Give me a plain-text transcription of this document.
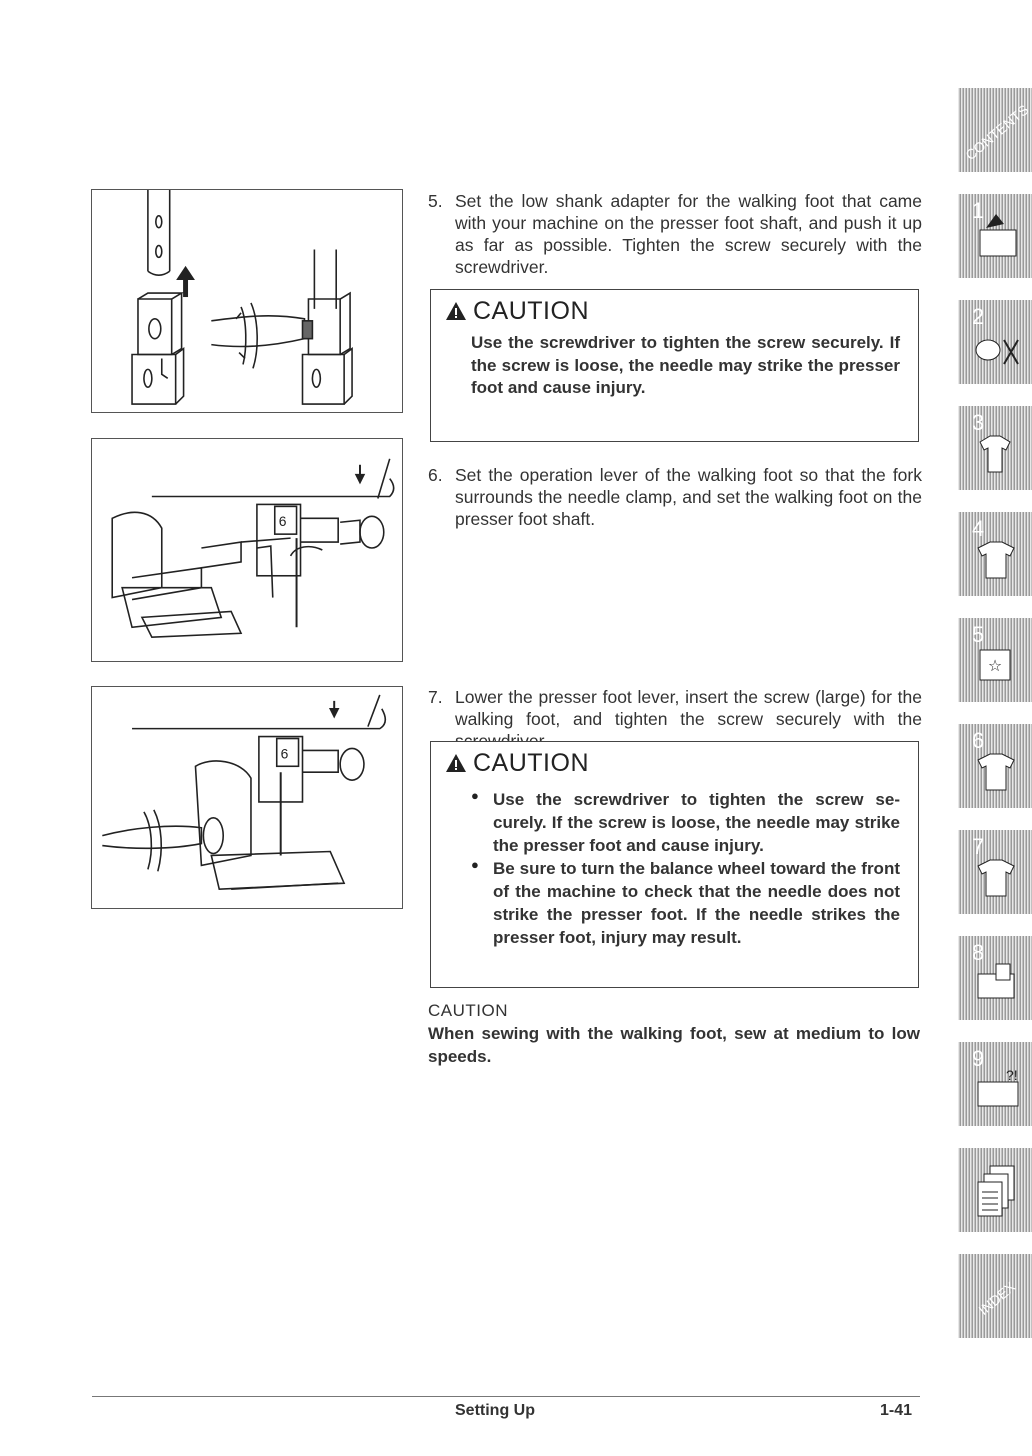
5. Set the low shank adapter for the walking foot that came with your machine on the presser foot shaft, and push it up as far as possible. Tighten the screw securely with the screwdriver.
CAUTION
Use the screwdriver to tighten the screw securely. If the screw is loose, the needle may strike the presser foot and cause injury.
6
6. Set the operation lever of the walking foot so that the fork surrounds the needle clamp, and set the walking foot on the presser foot shaft.
6
7. Lower the presser foot lever, insert the screw (large) for the walking foot, and tighten the screw securely with the
CAUTION
● Use the screwdriver to tighten the screw se-curely. If the screw is loose, the needle may strike the presser foot and cause injury.
● Be sure to turn the balance wheel toward the front of the machine to check that the needle does not strike the presser foot. If the needle strikes the presser foot, injury may result.
CAUTION
When sewing with the walking foot, sew at medium to low speeds.
Setting Up	1-41
CONTENTS
1
2
3
4
5
☆
6
7
8
9
?!
INDEX
